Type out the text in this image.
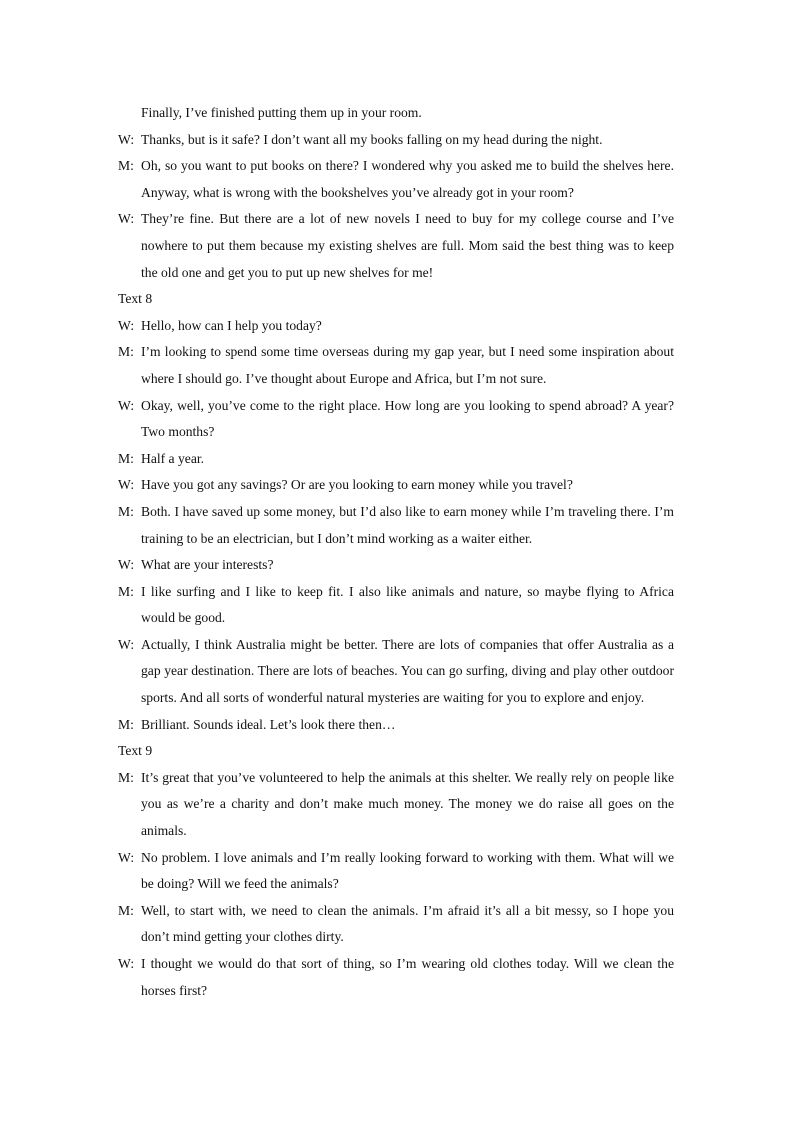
Finally, I’ve finished putting them up in your room.

W: Thanks, but is it safe? I don’t want all my books falling on my head during the night.

M: Oh, so you want to put books on there? I wondered why you asked me to build the shelves here. Anyway, what is wrong with the bookshelves you’ve already got in your room?

W: They’re fine. But there are a lot of new novels I need to buy for my college course and I’ve nowhere to put them because my existing shelves are full. Mom said the best thing was to keep the old one and get you to put up new shelves for me!

Text 8

W: Hello, how can I help you today?

M: I’m looking to spend some time overseas during my gap year, but I need some inspiration about where I should go. I’ve thought about Europe and Africa, but I’m not sure.

W: Okay, well, you’ve come to the right place. How long are you looking to spend abroad? A year? Two months?

M: Half a year.

W: Have you got any savings? Or are you looking to earn money while you travel?

M: Both. I have saved up some money, but I’d also like to earn money while I’m traveling there. I’m training to be an electrician, but I don’t mind working as a waiter either.

W: What are your interests?

M: I like surfing and I like to keep fit. I also like animals and nature, so maybe flying to Africa would be good.

W: Actually, I think Australia might be better. There are lots of companies that offer Australia as a gap year destination. There are lots of beaches. You can go surfing, diving and play other outdoor sports. And all sorts of wonderful natural mysteries are waiting for you to explore and enjoy.

M: Brilliant. Sounds ideal. Let’s look there then…

Text 9

M: It’s great that you’ve volunteered to help the animals at this shelter. We really rely on people like you as we’re a charity and don’t make much money. The money we do raise all goes on the animals.

W: No problem. I love animals and I’m really looking forward to working with them. What will we be doing? Will we feed the animals?

M: Well, to start with, we need to clean the animals. I’m afraid it’s all a bit messy, so I hope you don’t mind getting your clothes dirty.

W: I thought we would do that sort of thing, so I’m wearing old clothes today. Will we clean the horses first?
